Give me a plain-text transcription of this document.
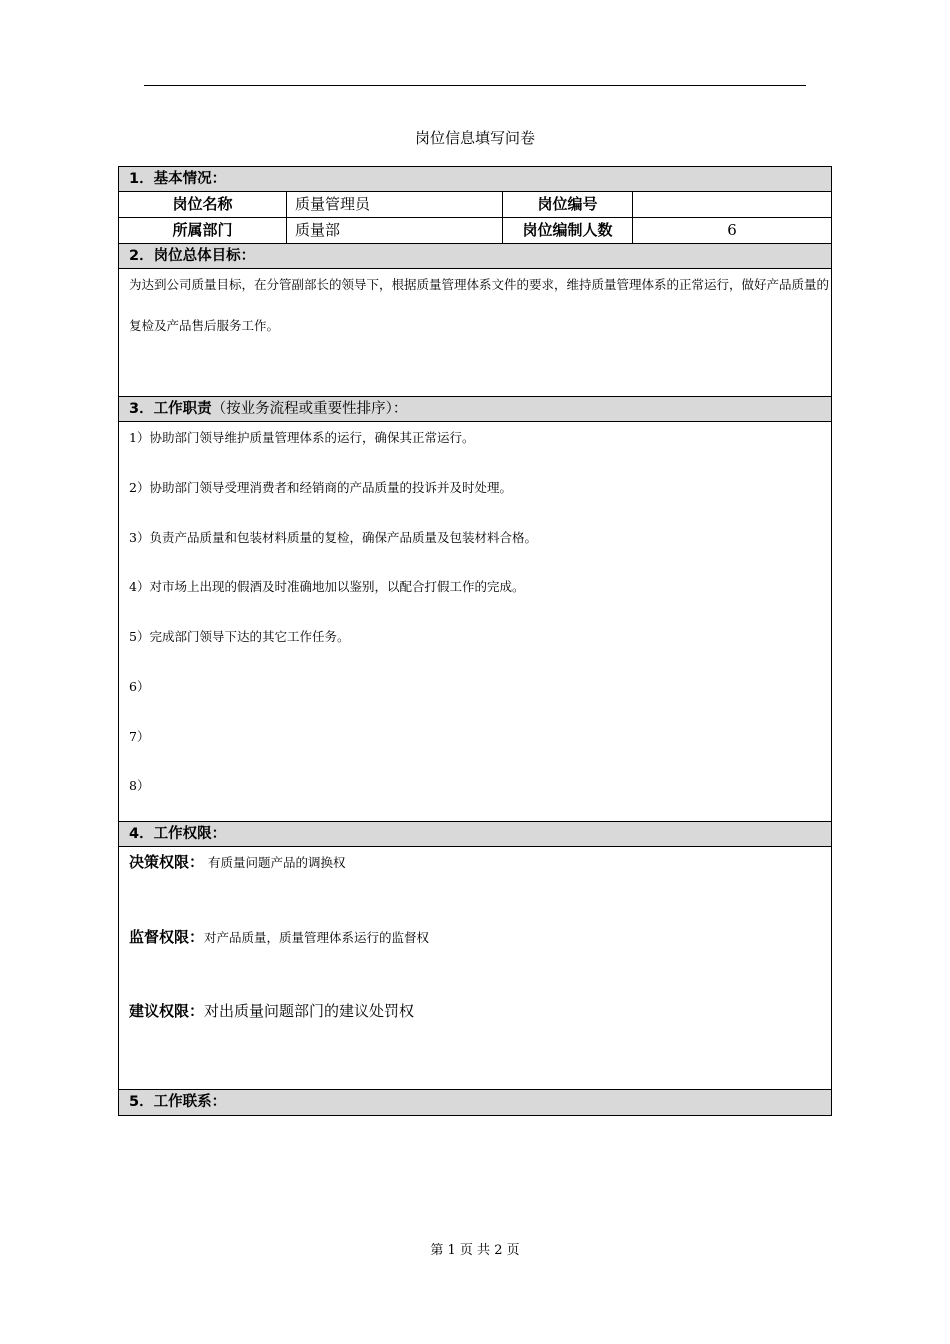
岗位信息填写问卷
1．基本情况：
岗位名称	质量管理员	岗位编号
所属部门	质量部	岗位编制人数	6
2．岗位总体目标：
为达到公司质量目标，在分管副部长的领导下，根据质量管理体系文件的要求，维持质量管理体系的正常运行，做好产品质量的复检及产品售后服务工作。
3．工作职责（按业务流程或重要性排序）：
1）协助部门领导维护质量管理体系的运行，确保其正常运行。
2）协助部门领导受理消费者和经销商的产品质量的投诉并及时处理。
3）负责产品质量和包装材料质量的复检，确保产品质量及包装材料合格。
4）对市场上出现的假酒及时准确地加以鉴别，以配合打假工作的完成。
5）完成部门领导下达的其它工作任务。
6）
7）
8）
4．工作权限：
决策权限： 有质量问题产品的调换权
监督权限：对产品质量，质量管理体系运行的监督权
建议权限：对出质量问题部门的建议处罚权
5．工作联系：
第 1 页 共 2 页
